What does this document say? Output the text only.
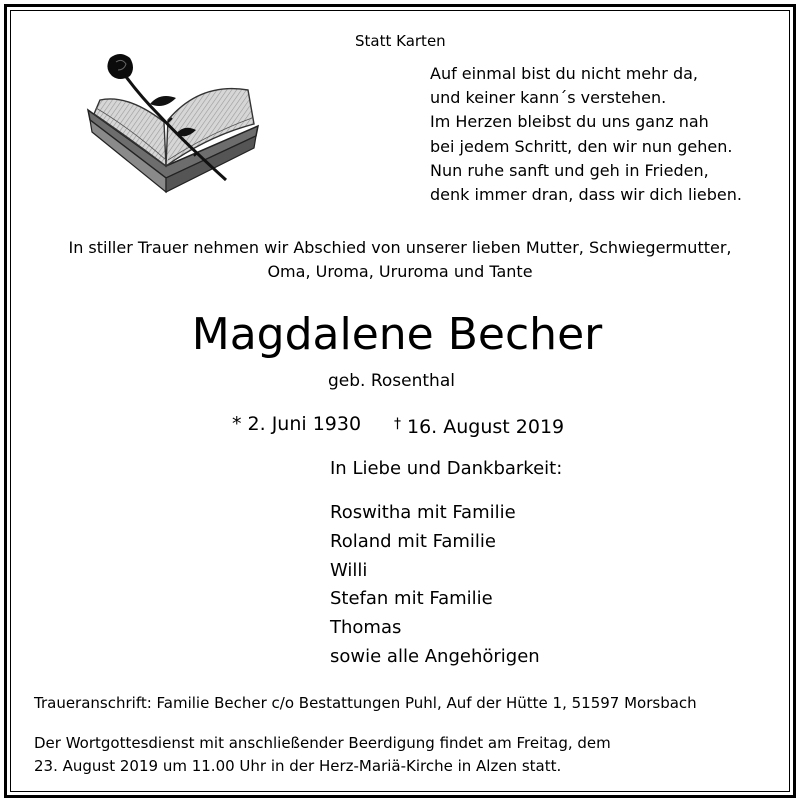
Statt Karten
Auf einmal bist du nicht mehr da,
und keiner kann´s verstehen.
Im Herzen bleibst du uns ganz nah
bei jedem Schritt, den wir nun gehen.
Nun ruhe sanft und geh in Frieden,
denk immer dran, dass wir dich lieben.
In stiller Trauer nehmen wir Abschied von unserer lieben Mutter, Schwiegermutter,
Oma, Uroma, Ururoma und Tante
Magdalene Becher
geb. Rosenthal
* 2. Juni 1930 † 16. August 2019
In Liebe und Dankbarkeit:
Roswitha mit Familie
Roland mit Familie
Willi
Stefan mit Familie
Thomas
sowie alle Angehörigen
Traueranschrift: Familie Becher c/o Bestattungen Puhl, Auf der Hütte 1, 51597 Morsbach
Der Wortgottesdienst mit anschließender Beerdigung findet am Freitag, dem
23. August 2019 um 11.00 Uhr in der Herz-Mariä-Kirche in Alzen statt.
